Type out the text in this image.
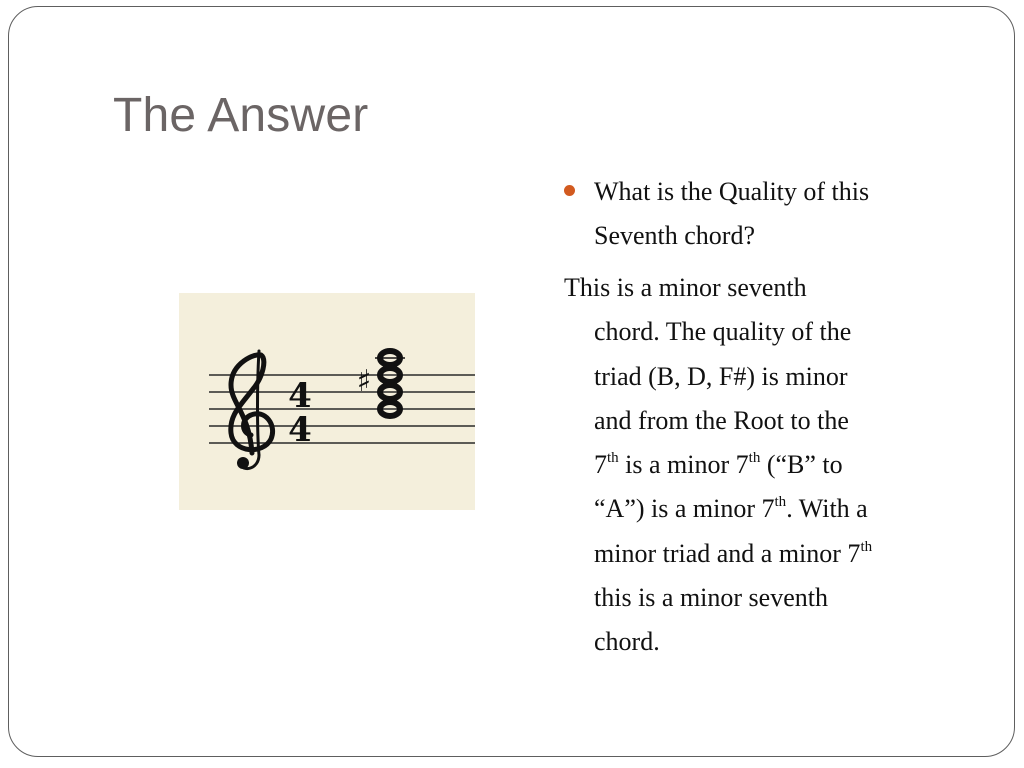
The Answer
4
4
♯
What is the Quality of this
Seventh chord?

This is a minor seventh
chord. The quality of the
triad (B, D, F#) is minor
and from the Root to the
7th is a minor 7th (“B” to
“A”) is a minor 7th. With a
minor triad and a minor 7th
this is a minor seventh
chord.
